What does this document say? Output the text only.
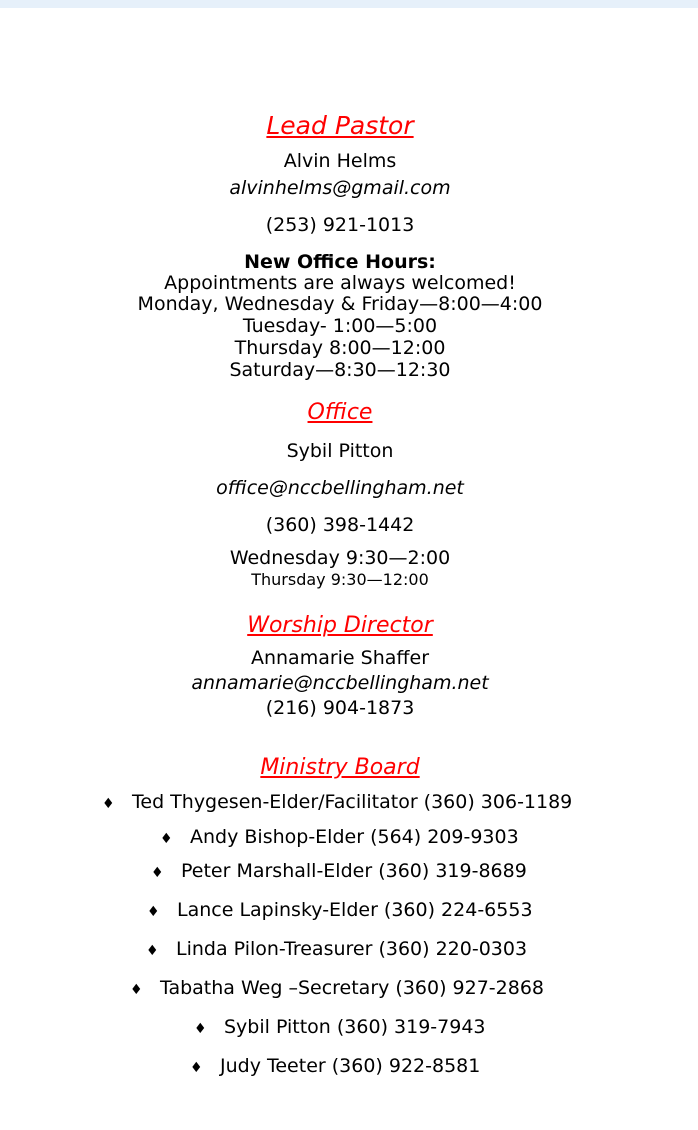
Lead Pastor
Alvin Helms
alvinhelms@gmail.com
(253) 921-1013
New Office Hours:
Appointments are always welcomed!
Monday, Wednesday & Friday—8:00—4:00
Tuesday- 1:00—5:00
Thursday 8:00—12:00
Saturday—8:30—12:30
Office
Sybil Pitton
office@nccbellingham.net
(360) 398-1442
Wednesday 9:30—2:00
Thursday 9:30—12:00
Worship Director
Annamarie Shaffer
annamarie@nccbellingham.net
(216) 904-1873
Ministry Board
♦ Ted Thygesen-Elder/Facilitator (360) 306-1189
♦ Andy Bishop-Elder (564) 209-9303
♦ Peter Marshall-Elder (360) 319-8689
♦ Lance Lapinsky-Elder (360) 224-6553
♦ Linda Pilon-Treasurer (360) 220-0303
♦ Tabatha Weg –Secretary (360) 927-2868
♦ Sybil Pitton (360) 319-7943
♦ Judy Teeter (360) 922-8581
